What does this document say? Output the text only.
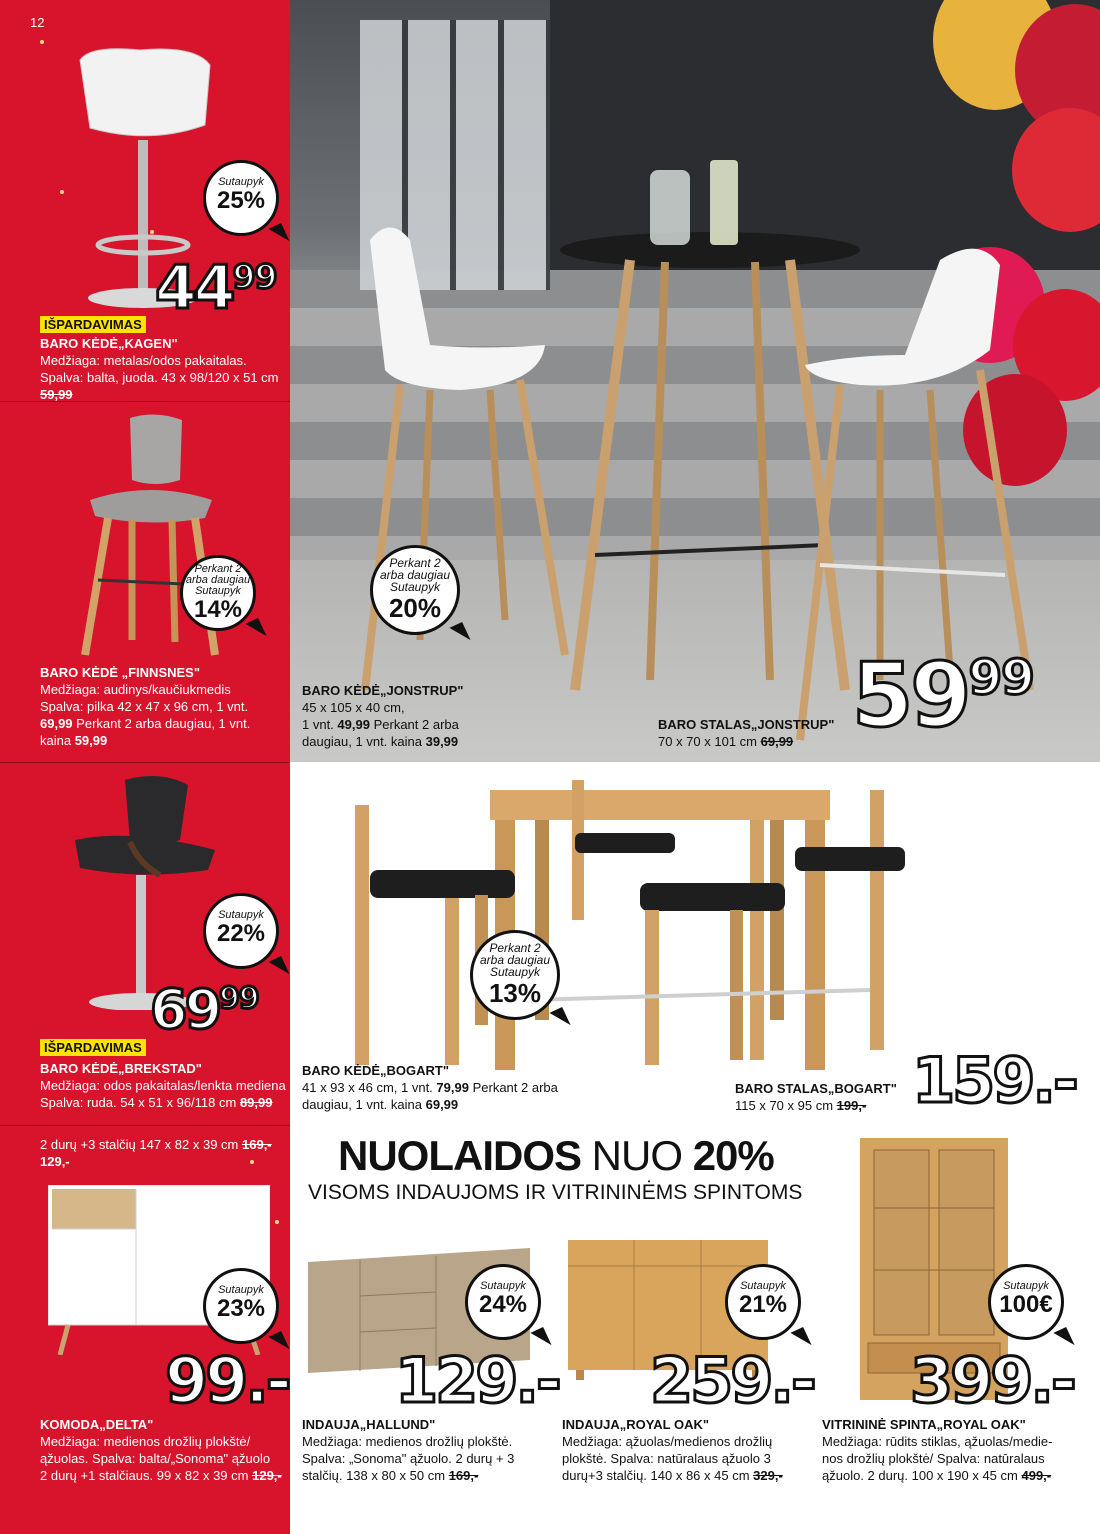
12
Sutaupyk
25%
$44^{99}$
IŠPARDAVIMAS
BARO KĖDĖ„KAGEN"
Medžiaga: metalas/odos pakaitalas. Spalva: balta, juoda. 43 x 98/120 x 51 cm 59,99
Perkant 2
arba daugiau
Sutaupyk
14%
BARO KĖDĖ „FINNSNES"
Medžiaga: audinys/kaučiukmedis
Spalva: pilka 42 x 47 x 96 cm, 1 vnt.
69,99 Perkant 2 arba daugiau, 1 vnt.
kaina 59,99
Perkant 2
arba daugiau
Sutaupyk
20%
BARO KĖDĖ„JONSTRUP"
45 x 105 x 40 cm,
1 vnt. 49,99 Perkant 2 arba
daugiau, 1 vnt. kaina 39,99
BARO STALAS„JONSTRUP"
70 x 70 x 101 cm 69,99 $59^{99}$
Sutaupyk
22%
$69^{99}$
IŠPARDAVIMAS
BARO KĖDĖ„BREKSTAD"
Medžiaga: odos pakaitalas/lenkta mediena
Spalva: ruda. 54 x 51 x 96/118 cm 89,99
Perkant 2
arba daugiau
Sutaupyk
13%
BARO KĖDĖ„BOGART"
41 x 93 x 46 cm, 1 vnt. 79,99 Perkant 2 arba
daugiau, 1 vnt. kaina 69,99
BARO STALAS„BOGART"
115 x 70 x 95 cm 199,- 159.-
2 durų +3 stalčių 147 x 82 x 39 cm 169,-
129,-
Sutaupyk
23%
99.-
KOMODA„DELTA"
Medžiaga: medienos drožlių plokštė/
ąžuolas. Spalva: balta/„Sonoma" ąžuolo
2 durų +1 stalčiaus. 99 x 82 x 39 cm 129,-
NUOLAIDOS NUO 20%
VISOMS INDAUJOMS IR VITRININĖMS SPINTOMS
Sutaupyk
24%
129.-
INDAUJA„HALLUND"
Medžiaga: medienos drožlių plokštė.
Spalva: „Sonoma" ąžuolo. 2 durų + 3
stalčių. 138 x 80 x 50 cm 169,-
Sutaupyk
21%
259.-
INDAUJA„ROYAL OAK"
Medžiaga: ąžuolas/medienos drožlių
plokštė. Spalva: natūralaus ąžuolo 3
durų+3 stalčių. 140 x 86 x 45 cm 329,-
Sutaupyk
100€
399.-
VITRININĖ SPINTA„ROYAL OAK"
Medžiaga: rūdits stiklas, ąžuolas/medie-
nos drožlių plokštė/ Spalva: natūralaus
ąžuolo. 2 durų. 100 x 190 x 45 cm 499,-
